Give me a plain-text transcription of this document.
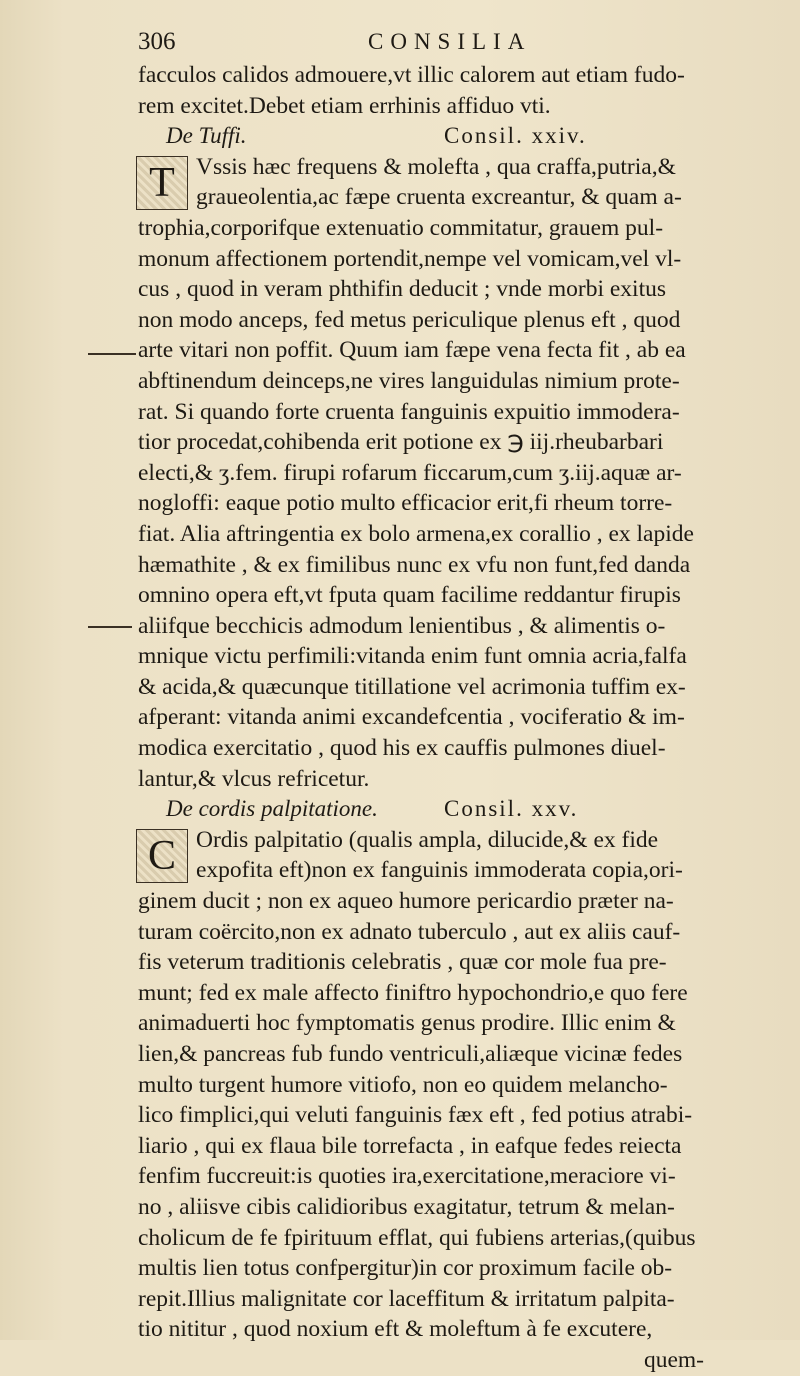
306	CONSILIA
facculos calidos admouere,vt illic calorem aut etiam fudo-
rem excitet.Debet etiam errhinis affiduo vti.
De Tuffi.	Consil. xxiv.
T Vssis hæc frequens & molefta , qua craffa,putria,&
graueolentia,ac fæpe cruenta excreantur, & quam a-
trophia,corporifque extenuatio commitatur, grauem pul-
monum affectionem portendit,nempe vel vomicam,vel vl-
cus , quod in veram phthifin deducit ; vnde morbi exitus
non modo anceps, fed metus periculique plenus eft , quod
arte vitari non poffit. Quum iam fæpe vena fecta fit , ab ea
abftinendum deinceps,ne vires languidulas nimium prote-
rat. Si quando forte cruenta fanguinis expuitio immodera-
tior procedat,cohibenda erit potione ex ℈ iij.rheubarbari
electi,& ʒ.fem. firupi rofarum ficcarum,cum ʒ.iij.aquæ ar-
nogloffi: eaque potio multo efficacior erit,fi rheum torre-
fiat. Alia aftringentia ex bolo armena,ex corallio , ex lapide
hæmathite , & ex fimilibus nunc ex vfu non funt,fed danda
omnino opera eft,vt fputa quam facilime reddantur firupis
aliifque becchicis admodum lenientibus , & alimentis o-
mnique victu perfimili:vitanda enim funt omnia acria,falfa
& acida,& quæcunque titillatione vel acrimonia tuffim ex-
afperant: vitanda animi excandefcentia , vociferatio & im-
modica exercitatio , quod his ex cauffis pulmones diuel-
lantur,& vlcus refricetur.
De cordis palpitatione.	Consil. xxv.
C Ordis palpitatio (qualis ampla, dilucide,& ex fide
expofita eft)non ex fanguinis immoderata copia,ori-
ginem ducit ; non ex aqueo humore pericardio præter na-
turam coërcito,non ex adnato tuberculo , aut ex aliis cauf-
fis veterum traditionis celebratis , quæ cor mole fua pre-
munt; fed ex male affecto finiftro hypochondrio,e quo fere
animaduerti hoc fymptomatis genus prodire. Illic enim &
lien,& pancreas fub fundo ventriculi,aliæque vicinæ fedes
multo turgent humore vitiofo, non eo quidem melancho-
lico fimplici,qui veluti fanguinis fæx eft , fed potius atrabi-
liario , qui ex flaua bile torrefacta , in eafque fedes reiecta
fenfim fuccreuit:is quoties ira,exercitatione,meraciore vi-
no , aliisve cibis calidioribus exagitatur, tetrum & melan-
cholicum de fe fpirituum efflat, qui fubiens arterias,(quibus
multis lien totus confpergitur)in cor proximum facile ob-
repit.Illius malignitate cor laceffitum & irritatum palpita-
tio nititur , quod noxium eft & moleftum à fe excutere,
quem-
